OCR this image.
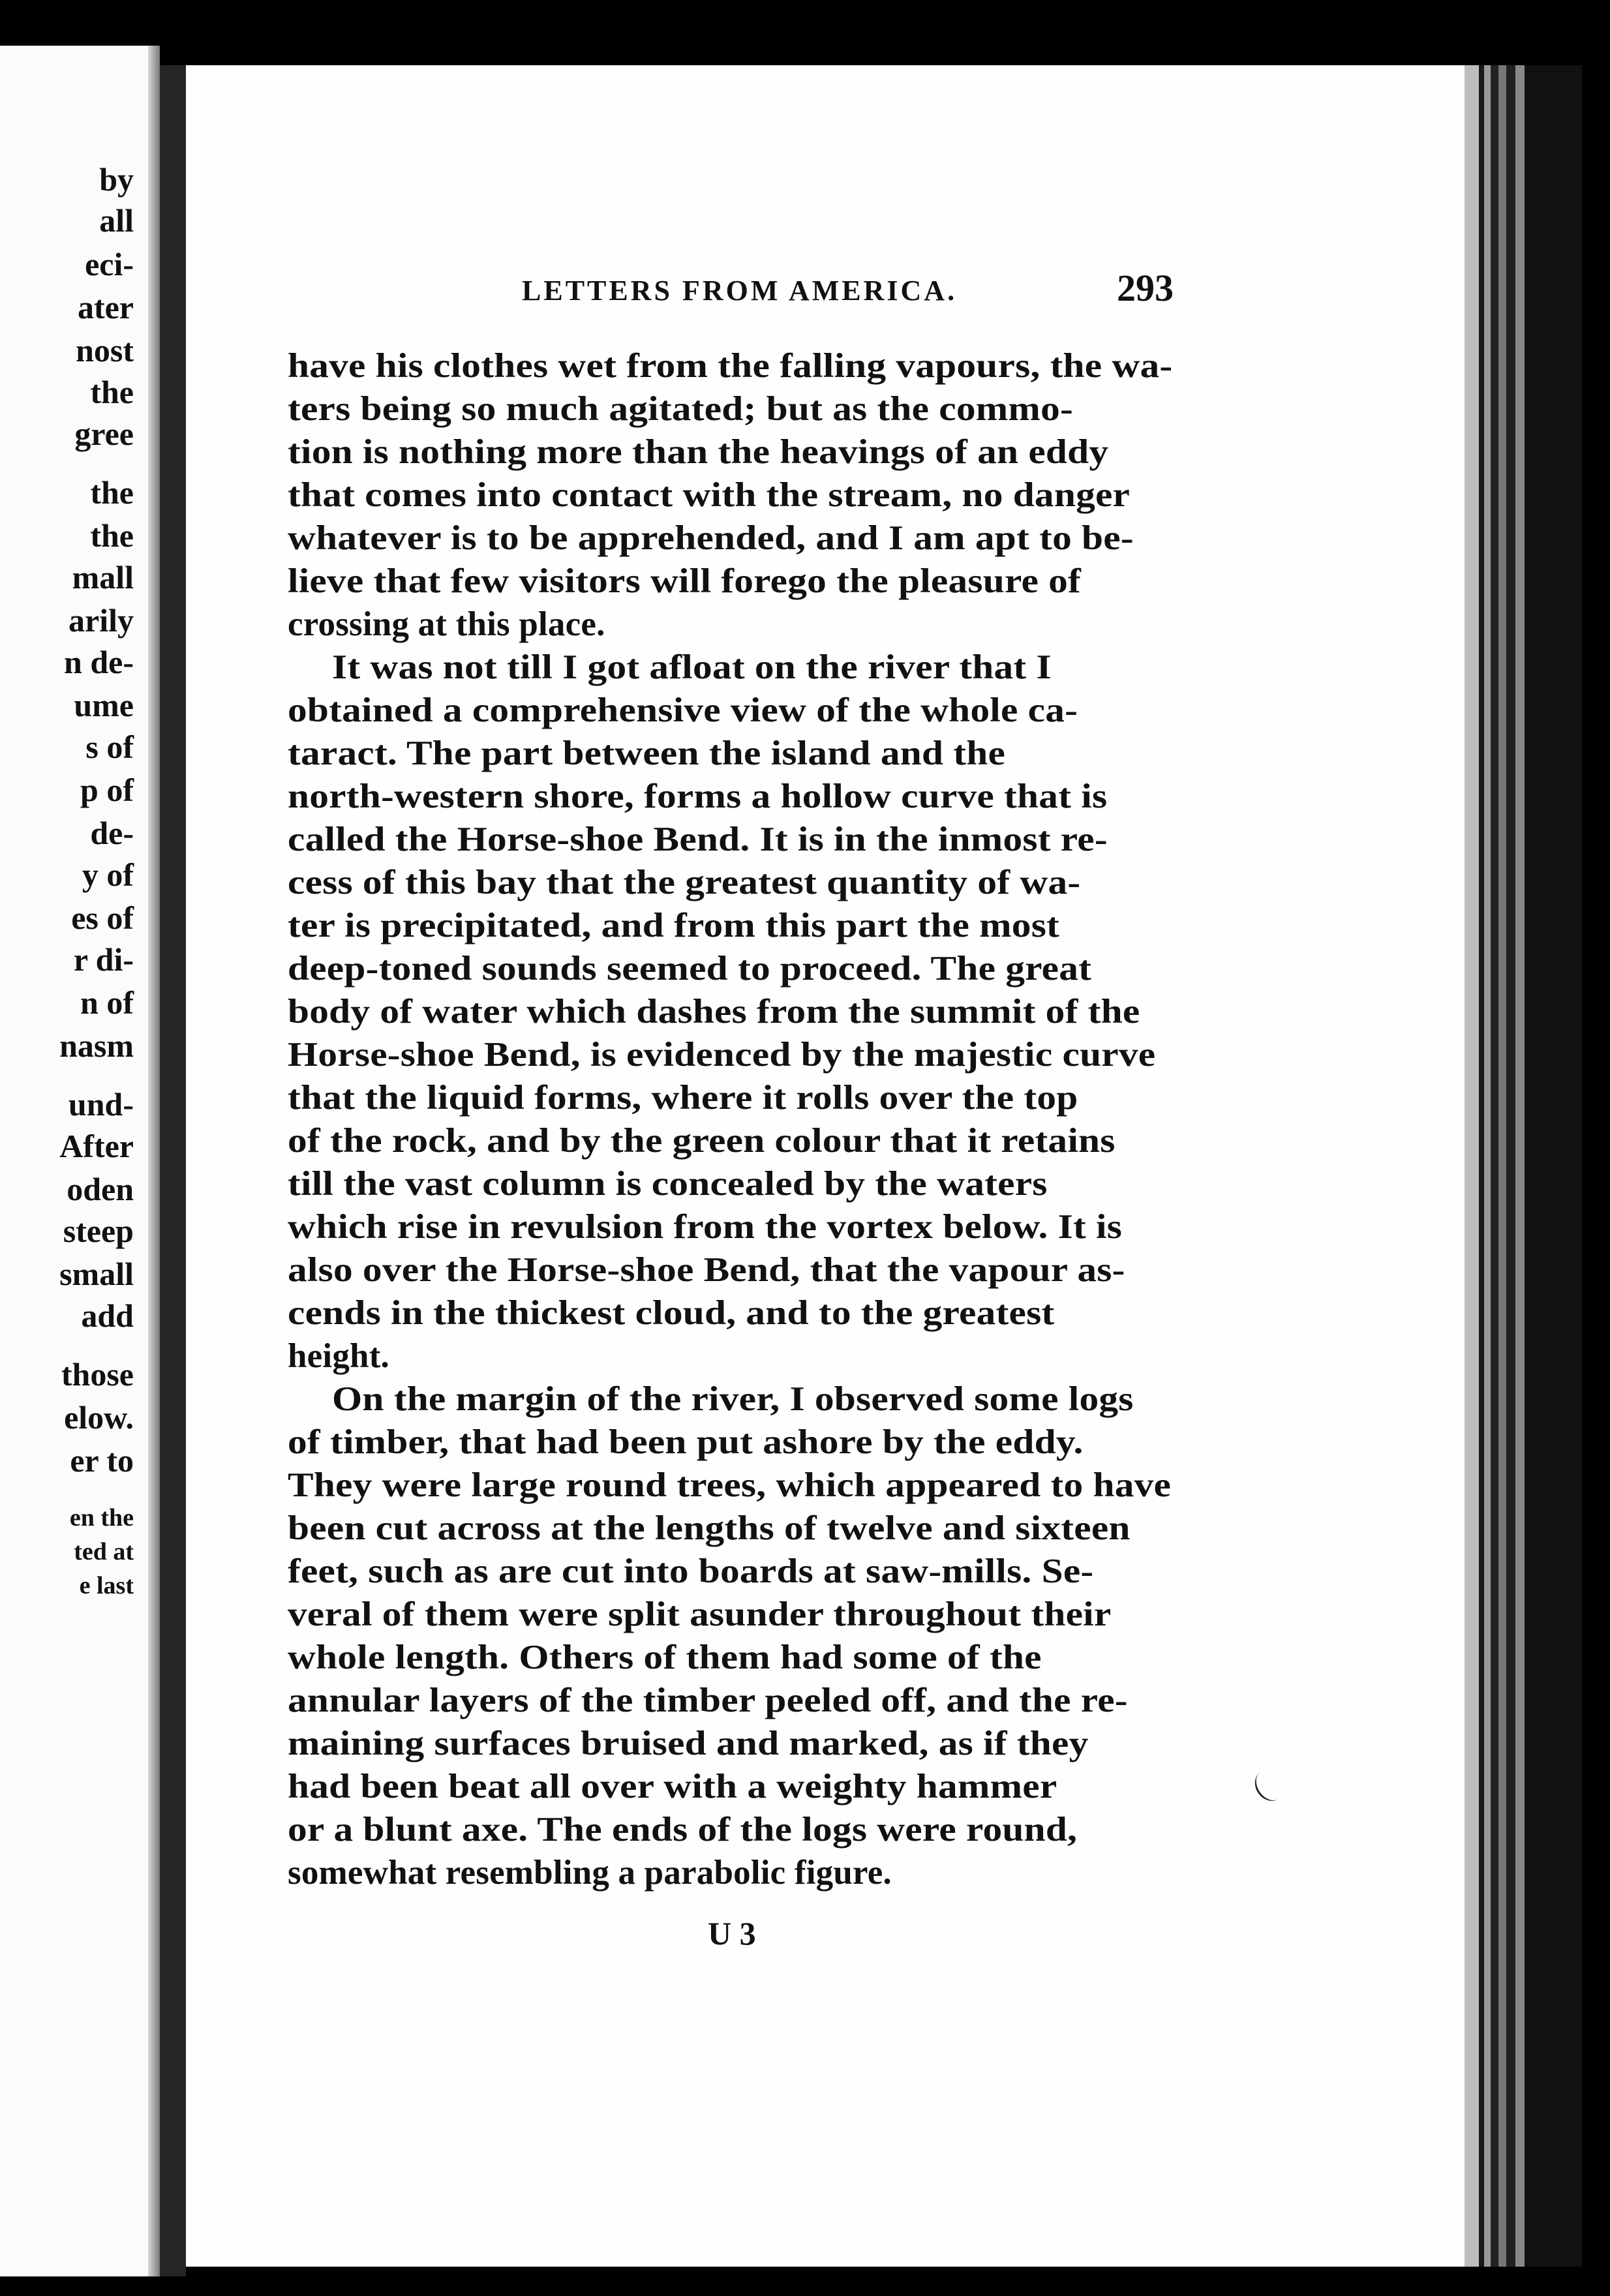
by
all
eci-
ater
nost
the
gree
the
the
mall
arily
n de-
ume
s of
p of
de-
y of
es of
r di-
n of
nasm
und-
After
oden
steep
small
add
those
elow.
er to
en the
ted at
e last
LETTERS FROM AMERICA.	293
have his clothes wet from the falling vapours, the wa-
ters being so much agitated; but as the commo-
tion is nothing more than the heavings of an eddy
that comes into contact with the stream, no danger
whatever is to be apprehended, and I am apt to be-
lieve that few visitors will forego the pleasure of
crossing at this place.
It was not till I got afloat on the river that I
obtained a comprehensive view of the whole ca-
taract. The part between the island and the
north-western shore, forms a hollow curve that is
called the Horse-shoe Bend. It is in the inmost re-
cess of this bay that the greatest quantity of wa-
ter is precipitated, and from this part the most
deep-toned sounds seemed to proceed. The great
body of water which dashes from the summit of the
Horse-shoe Bend, is evidenced by the majestic curve
that the liquid forms, where it rolls over the top
of the rock, and by the green colour that it retains
till the vast column is concealed by the waters
which rise in revulsion from the vortex below. It is
also over the Horse-shoe Bend, that the vapour as-
cends in the thickest cloud, and to the greatest
height.
On the margin of the river, I observed some logs
of timber, that had been put ashore by the eddy.
They were large round trees, which appeared to have
been cut across at the lengths of twelve and sixteen
feet, such as are cut into boards at saw-mills. Se-
veral of them were split asunder throughout their
whole length. Others of them had some of the
annular layers of the timber peeled off, and the re-
maining surfaces bruised and marked, as if they
had been beat all over with a weighty hammer
or a blunt axe. The ends of the logs were round,
somewhat resembling a parabolic figure.
U 3
